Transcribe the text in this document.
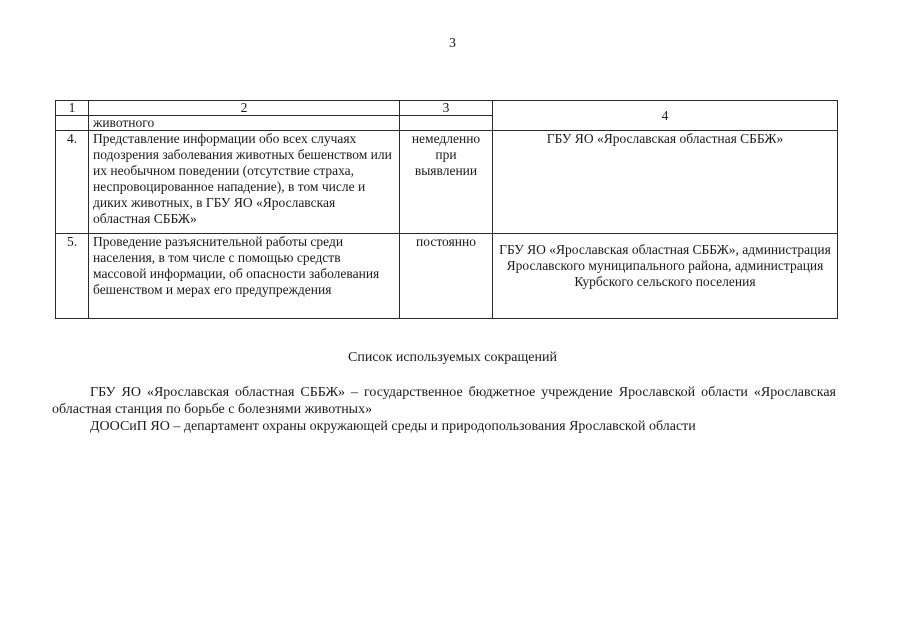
3
1	2	3	4
	животного		
4.	Представление информации обо всех случаях подозрения заболевания животных бешенством или их необычном поведении (отсутствие страха, неспровоцированное нападение), в том числе и диких животных, в ГБУ ЯО «Ярославская областная СББЖ»	немедленно при выявлении	ГБУ ЯО «Ярославская областная СББЖ»
5.	Проведение разъяснительной работы среди населения, в том числе с помощью средств массовой информации, об опасности заболевания бешенством и мерах его предупреждения	постоянно	ГБУ ЯО «Ярославская областная СББЖ», администрация Ярославского муниципального района, администрация Курбского сельского поселения
Список используемых сокращений

ГБУ ЯО «Ярославская областная СББЖ» – государственное бюджетное учреждение Ярославской области «Ярославская областная станция по борьбе с болезнями животных»

ДООСиП ЯО – департамент охраны окружающей среды и природопользования Ярославской области
